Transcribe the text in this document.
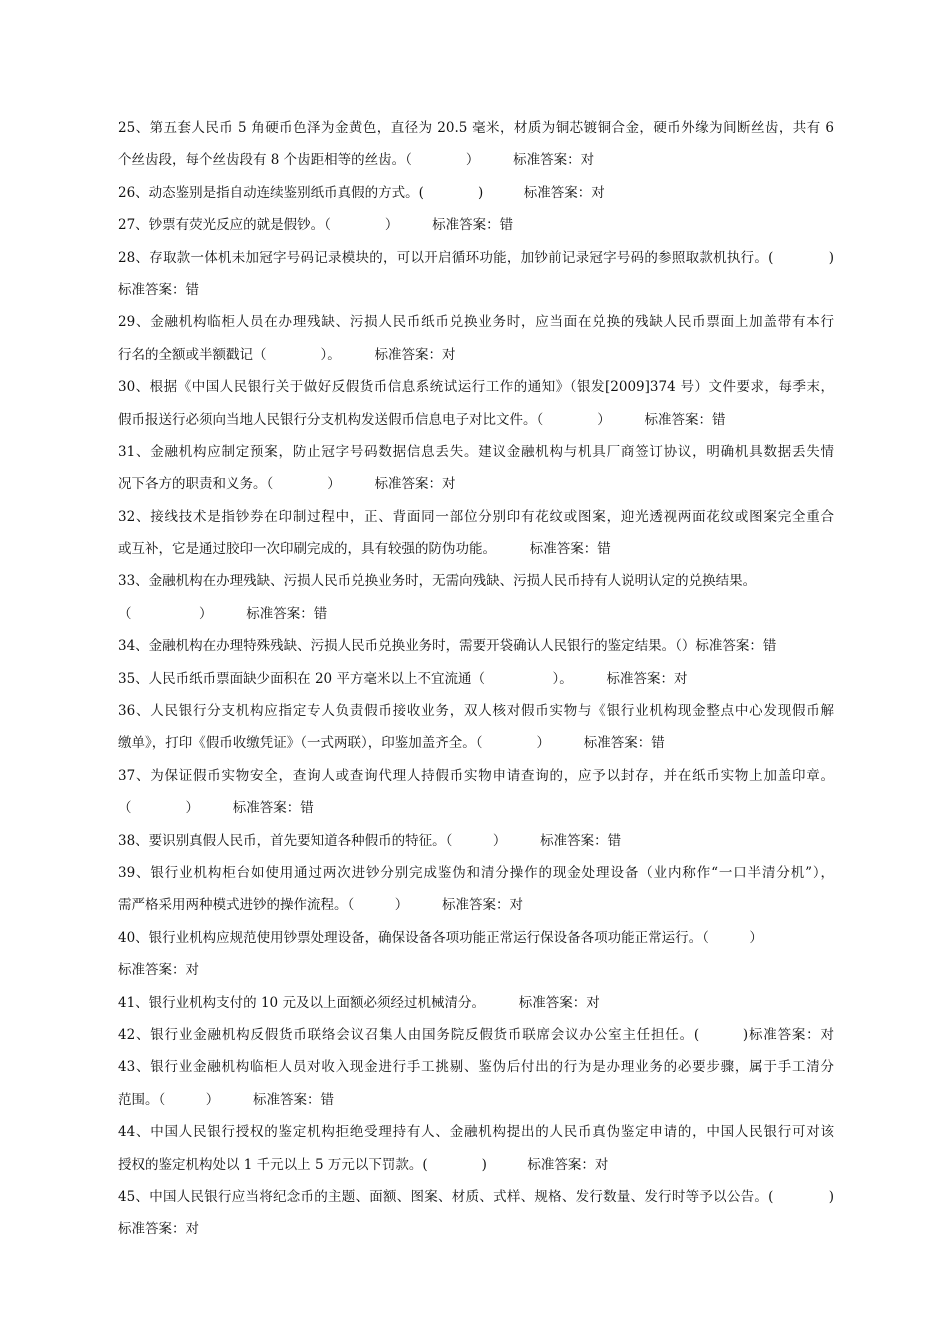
25、第五套人民币 5 角硬币色泽为金黄色，直径为 20.5 毫米，材质为铜芯镀铜合金，硬币外缘为间断丝齿，共有 6
个丝齿段，每个丝齿段有 8 个齿距相等的丝齿。（　　　　）　　　标准答案：对
26、动态鉴别是指自动连续鉴别纸币真假的方式。(　　　　)　　　标准答案：对
27、钞票有荧光反应的就是假钞。（　　　　）　　　标准答案：错
28、存取款一体机未加冠字号码记录模块的，可以开启循环功能，加钞前记录冠字号码的参照取款机执行。(　　　　)
标准答案：错
29、金融机构临柜人员在办理残缺、污损人民币纸币兑换业务时，应当面在兑换的残缺人民币票面上加盖带有本行
行名的全额或半额戳记（　　　　）。　　　标准答案：对
30、根据《中国人民银行关于做好反假货币信息系统试运行工作的通知》（银发[2009]374 号）文件要求，每季末，
假币报送行必须向当地人民银行分支机构发送假币信息电子对比文件。（　　　　）　　　标准答案：错
31、金融机构应制定预案，防止冠字号码数据信息丢失。建议金融机构与机具厂商签订协议，明确机具数据丢失情
况下各方的职责和义务。（　　　　）　　　标准答案：对
32、接线技术是指钞券在印制过程中，正、背面同一部位分别印有花纹或图案，迎光透视两面花纹或图案完全重合
或互补，它是通过胶印一次印刷完成的，具有较强的防伪功能。　　　标准答案：错
33、金融机构在办理残缺、污损人民币兑换业务时，无需向残缺、污损人民币持有人说明认定的兑换结果。
（　　　　　）　　　标准答案：错
34、金融机构在办理特殊残缺、污损人民币兑换业务时，需要开袋确认人民银行的鉴定结果。（）标准答案：错
35、人民币纸币票面缺少面积在 20 平方毫米以上不宜流通（　　　　　）。　　　标准答案：对
36、人民银行分支机构应指定专人负责假币接收业务，双人核对假币实物与《银行业机构现金整点中心发现假币解
缴单》，打印《假币收缴凭证》（一式两联），印鉴加盖齐全。（　　　　）　　　标准答案：错
37、为保证假币实物安全，查询人或查询代理人持假币实物申请查询的，应予以封存，并在纸币实物上加盖印章。
（　　　　）　　　标准答案：错
38、要识别真假人民币，首先要知道各种假币的特征。（　　　）　　　标准答案：错
39、银行业机构柜台如使用通过两次进钞分别完成鉴伪和清分操作的现金处理设备（业内称作“一口半清分机”），
需严格采用两种模式进钞的操作流程。（　　　）　　　标准答案：对
40、银行业机构应规范使用钞票处理设备，确保设备各项功能正常运行保设备各项功能正常运行。（　　　）
标准答案：对
41、银行业机构支付的 10 元及以上面额必须经过机械清分。　　　标准答案：对
42、银行业金融机构反假货币联络会议召集人由国务院反假货币联席会议办公室主任担任。(　　　)标准答案：对
43、银行业金融机构临柜人员对收入现金进行手工挑剔、鉴伪后付出的行为是办理业务的必要步骤，属于手工清分
范围。（　　　）　　　标准答案：错
44、中国人民银行授权的鉴定机构拒绝受理持有人、金融机构提出的人民币真伪鉴定申请的，中国人民银行可对该
授权的鉴定机构处以 1 千元以上 5 万元以下罚款。(　　　　)　　　标准答案：对
45、中国人民银行应当将纪念币的主题、面额、图案、材质、式样、规格、发行数量、发行时等予以公告。(　　　　)
标准答案：对
